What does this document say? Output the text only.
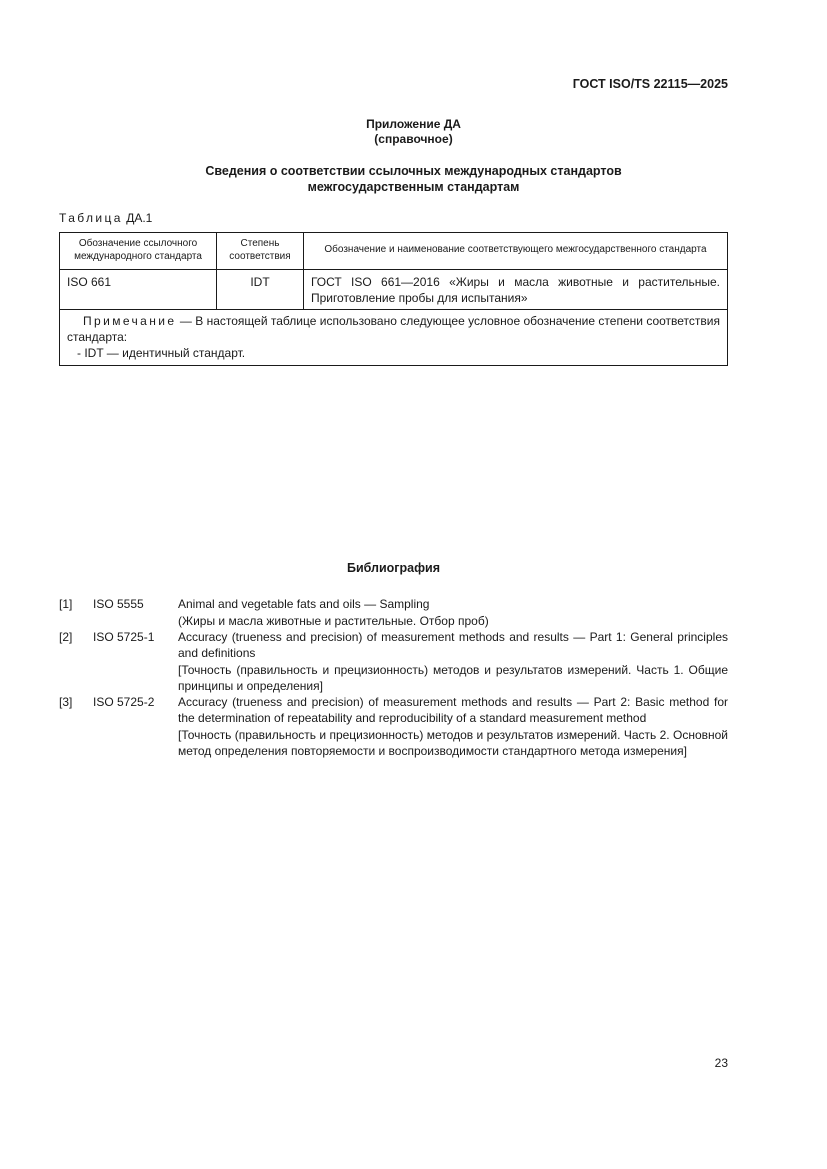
ГОСТ ISO/TS 22115—2025
Приложение ДА
(справочное)
Сведения о соответствии ссылочных международных стандартов
межгосударственным стандартам
Таблица ДА.1
Обозначение ссылочного международного стандарта	Степень соответствия	Обозначение и наименование соответствующего межгосударственного стандарта
ISO 661	IDT	ГОСТ ISO 661—2016 «Жиры и масла животные и растительные. Приготовление пробы для испытания»
Примечание — В настоящей таблице использовано следующее условное обозначение степени соответствия стандарта:
- IDT — идентичный стандарт.		
Библиография
[1] ISO 5555	Animal and vegetable fats and oils — Sampling
(Жиры и масла животные и растительные. Отбор проб)
[2] ISO 5725-1 Accuracy (trueness and precision) of measurement methods and results — Part 1: General principles and definitions
[Точность (правильность и прецизионность) методов и результатов измерений. Часть 1. Общие принципы и определения]
[3] ISO 5725-2 Accuracy (trueness and precision) of measurement methods and results — Part 2: Basic method for the determination of repeatability and reproducibility of a standard measurement method
[Точность (правильность и прецизионность) методов и результатов измерений. Часть 2. Основной метод определения повторяемости и воспроизводимости стандартного метода измерения]
23
